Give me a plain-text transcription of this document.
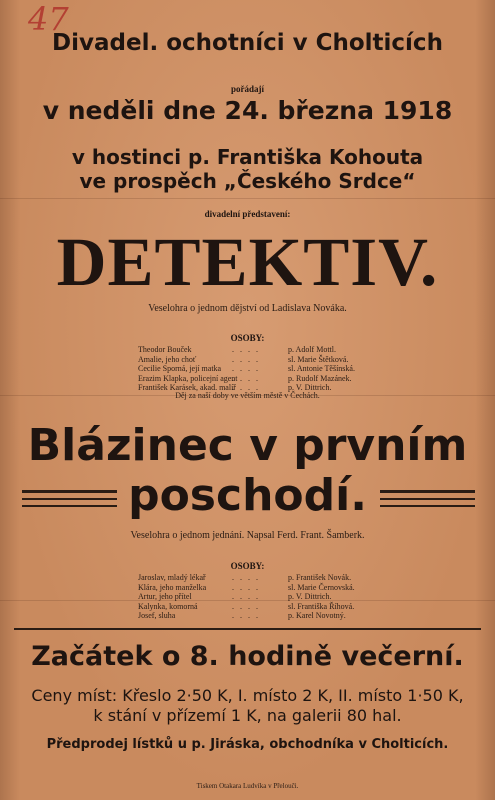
47
Divadel. ochotníci v Cholticích
pořádají
v neděli dne 24. března 1918
v hostinci p. Františka Kohouta
ve prospěch „Českého Srdce“
divadelní představení:
DETEKTIV.
Veselohra o jednom dějství od Ladislava Nováka.
OSOBY:
Theodor Bouček
Amalie, jeho choť
Cecilie Sporná, její matka
Erazim Klapka, policejní agent
František Karásek, akad. malíř
. . . .
. . . .
. . . .
. . . .
. . . .
p. Adolf Mottl.
sl. Marie Štětková.
sl. Antonie Těšínská.
p. Rudolf Mazánek.
p. V. Dittrich.
Děj za naší doby ve větším městě v Čechách.
Blázinec v prvním
poschodí.
Veselohra o jednom jednání. Napsal Ferd. Frant. Šamberk.
OSOBY:
Jaroslav, mladý lékař
Klára, jeho manželka
Artur, jeho přítel
Kalynka, komorná
Josef, sluha
. . . .
. . . .
. . . .
. . . .
. . . .
p. František Novák.
sl. Marie Černovská.
p. V. Dittrich.
sl. Františka Říhová.
p. Karel Novotný.
Začátek o 8. hodině večerní.
Ceny míst: Křeslo 2·50 K, I. místo 2 K, II. místo 1·50 K,
k stání v přízemí 1 K, na galerii 80 hal.
Předprodej lístků u p. Jiráska, obchodníka v Cholticích.
Tiskem Otakara Ludvíka v Přelouči.
